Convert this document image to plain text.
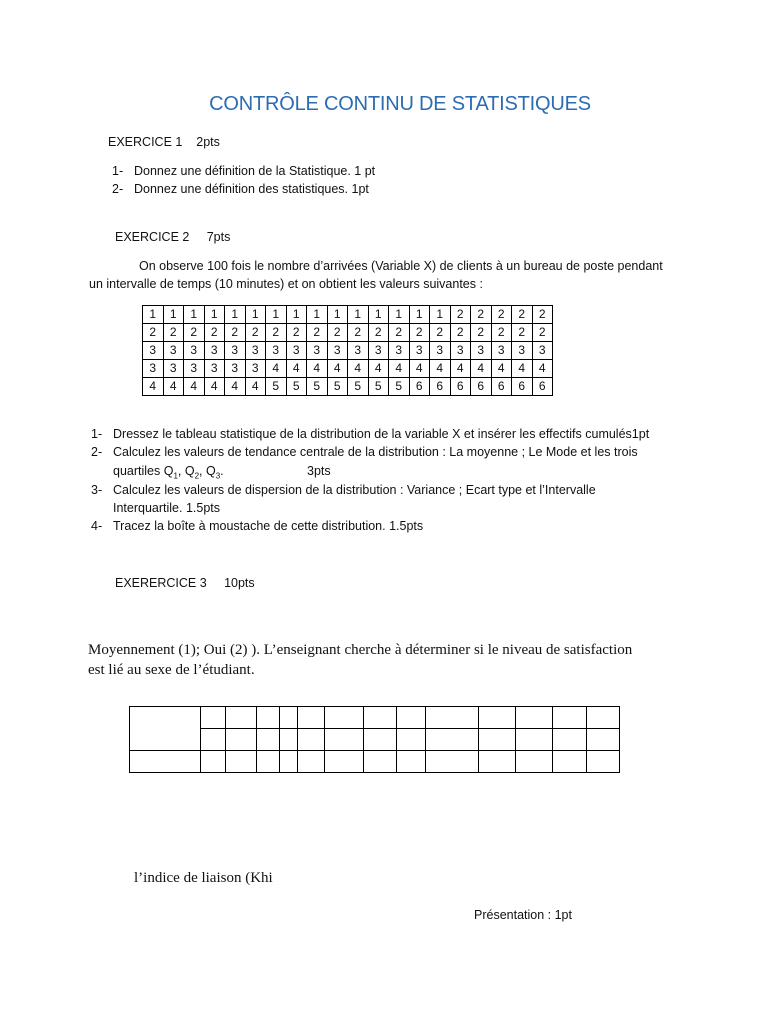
CONTRÔLE CONTINU DE STATISTIQUES
EXERCICE 1 2pts
1- Donnez une définition de la Statistique. 1 pt
2- Donnez une définition des statistiques. 1pt
EXERCICE 2 7pts
On observe 100 fois le nombre d’arrivées (Variable X) de clients à un bureau de poste pendant
un intervalle de temps (10 minutes) et on obtient les valeurs suivantes :
1	1	1	1	1	1	1	1	1	1	1	1	1	1	1	2	2	2	2	2
2	2	2	2	2	2	2	2	2	2	2	2	2	2	2	2	2	2	2	2
3	3	3	3	3	3	3	3	3	3	3	3	3	3	3	3	3	3	3	3
3	3	3	3	3	3	4	4	4	4	4	4	4	4	4	4	4	4	4	4
4	4	4	4	4	4	5	5	5	5	5	5	5	6	6	6	6	6	6	6
1- Dressez le tableau statistique de la distribution de la variable X et insérer les effectifs cumulés1pt
2- Calculez les valeurs de tendance centrale de la distribution : La moyenne ; Le Mode et les trois
quartiles $Q_1$, $Q_2$, $Q_3$.	3pts
3- Calculez les valeurs de dispersion de la distribution : Variance ; Ecart type et l’Intervalle
Interquartile. 1.5pts
4- Tracez la boîte à moustache de cette distribution. 1.5pts
EXERERCICE 3 10pts
Moyennement (1); Oui (2) ). L’enseignant cherche à déterminer si le niveau de satisfaction
est lié au sexe de l’étudiant.

l’indice de liaison (Khi
Présentation : 1pt
